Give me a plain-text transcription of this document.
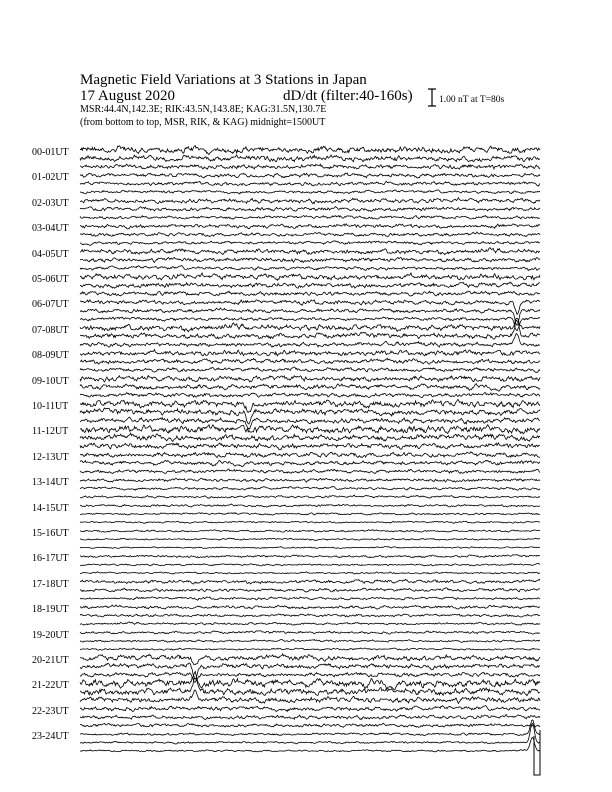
Magnetic Field Variations at 3 Stations in Japan
17 August 2020	dD/dt (filter:40-160s)
MSR:44.4N,142.3E; RIK:43.5N,143.8E; KAG:31.5N,130.7E
(from bottom to top, MSR, RIK, & KAG) midnight=1500UT
1.00 nT at T=80s
00-01UT
01-02UT
02-03UT
03-04UT
04-05UT
05-06UT
06-07UT
07-08UT
08-09UT
09-10UT
10-11UT
11-12UT
12-13UT
13-14UT
14-15UT
15-16UT
16-17UT
17-18UT
18-19UT
19-20UT
20-21UT
21-22UT
22-23UT
23-24UT
